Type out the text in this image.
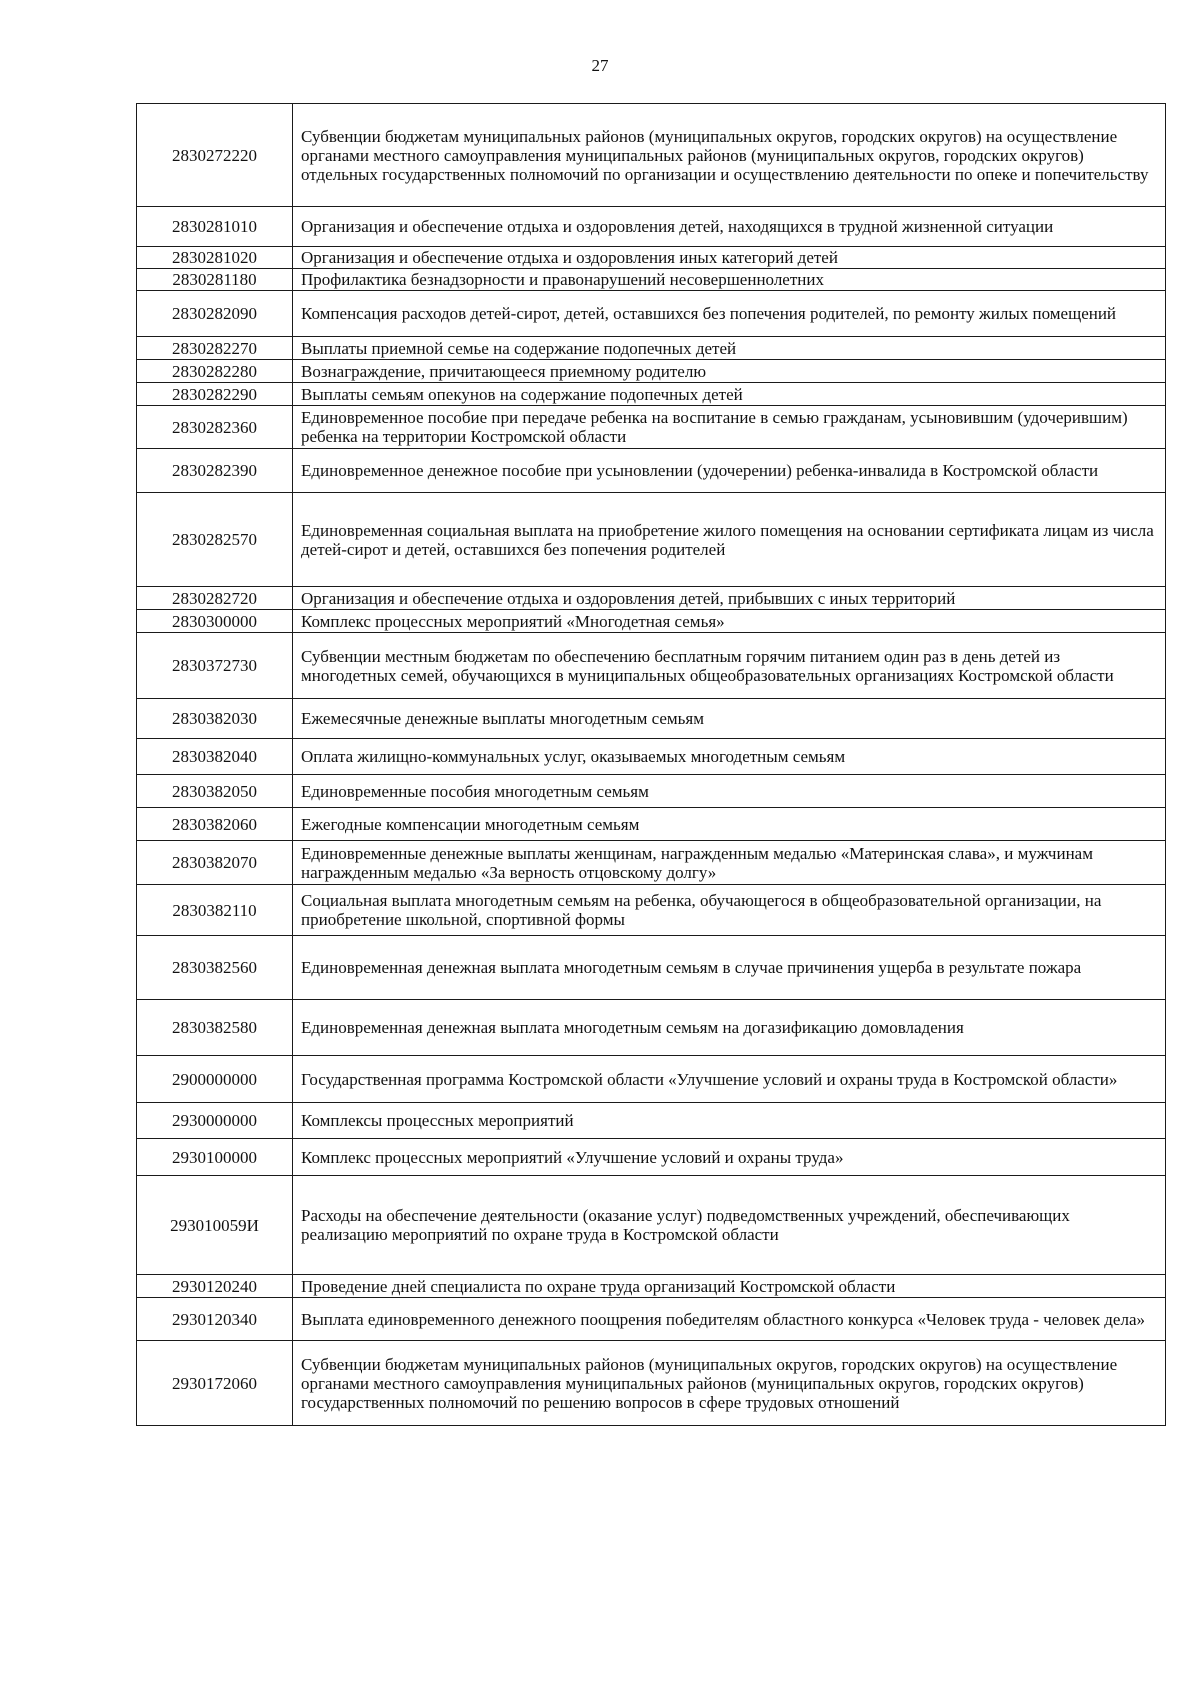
27
2830272220	Субвенции бюджетам муниципальных районов (муниципальных округов, городских округов) на осуществление органами местного самоуправления муниципальных районов (муниципальных округов, городских округов) отдельных государственных полномочий по организации и осуществлению деятельности по опеке и попечительству
2830281010	Организация и обеспечение отдыха и оздоровления детей, находящихся в трудной жизненной ситуации
2830281020	Организация и обеспечение отдыха и оздоровления иных категорий детей
2830281180	Профилактика безнадзорности и правонарушений несовершеннолетних
2830282090	Компенсация расходов детей-сирот, детей, оставшихся без попечения родителей, по ремонту жилых помещений
2830282270	Выплаты приемной семье на содержание подопечных детей
2830282280	Вознаграждение, причитающееся приемному родителю
2830282290	Выплаты семьям опекунов на содержание подопечных детей
2830282360	Единовременное пособие при передаче ребенка на воспитание в семью гражданам, усыновившим (удочерившим) ребенка на территории Костромской области
2830282390	Единовременное денежное пособие при усыновлении (удочерении) ребенка-инвалида в Костромской области
2830282570	Единовременная социальная выплата на приобретение жилого помещения на основании сертификата лицам из числа детей-сирот и детей, оставшихся без попечения родителей
2830282720	Организация и обеспечение отдыха и оздоровления детей, прибывших с иных территорий
2830300000	Комплекс процессных мероприятий «Многодетная семья»
2830372730	Субвенции местным бюджетам по обеспечению бесплатным горячим питанием один раз в день детей из многодетных семей, обучающихся в муниципальных общеобразовательных организациях Костромской области
2830382030	Ежемесячные денежные выплаты многодетным семьям
2830382040	Оплата жилищно-коммунальных услуг, оказываемых многодетным семьям
2830382050	Единовременные пособия многодетным семьям
2830382060	Ежегодные компенсации многодетным семьям
2830382070	Единовременные денежные выплаты женщинам, награжденным медалью «Материнская слава», и мужчинам награжденным медалью «За верность отцовскому долгу»
2830382110	Социальная выплата многодетным семьям на ребенка, обучающегося в общеобразовательной организации, на приобретение школьной, спортивной формы
2830382560	Единовременная денежная выплата многодетным семьям в случае причинения ущерба в результате пожара
2830382580	Единовременная денежная выплата многодетным семьям на догазификацию домовладения
2900000000	Государственная программа Костромской области «Улучшение условий и охраны труда в Костромской области»
2930000000	Комплексы процессных мероприятий
2930100000	Комплекс процессных мероприятий «Улучшение условий и охраны труда»
293010059И	Расходы на обеспечение деятельности (оказание услуг) подведомственных учреждений, обеспечивающих реализацию мероприятий по охране труда в Костромской области
2930120240	Проведение дней специалиста по охране труда организаций Костромской области
2930120340	Выплата единовременного денежного поощрения победителям областного конкурса «Человек труда - человек дела»
2930172060	Субвенции бюджетам муниципальных районов (муниципальных округов, городских округов) на осуществление органами местного самоуправления муниципальных районов (муниципальных округов, городских округов) государственных полномочий по решению вопросов в сфере трудовых отношений
